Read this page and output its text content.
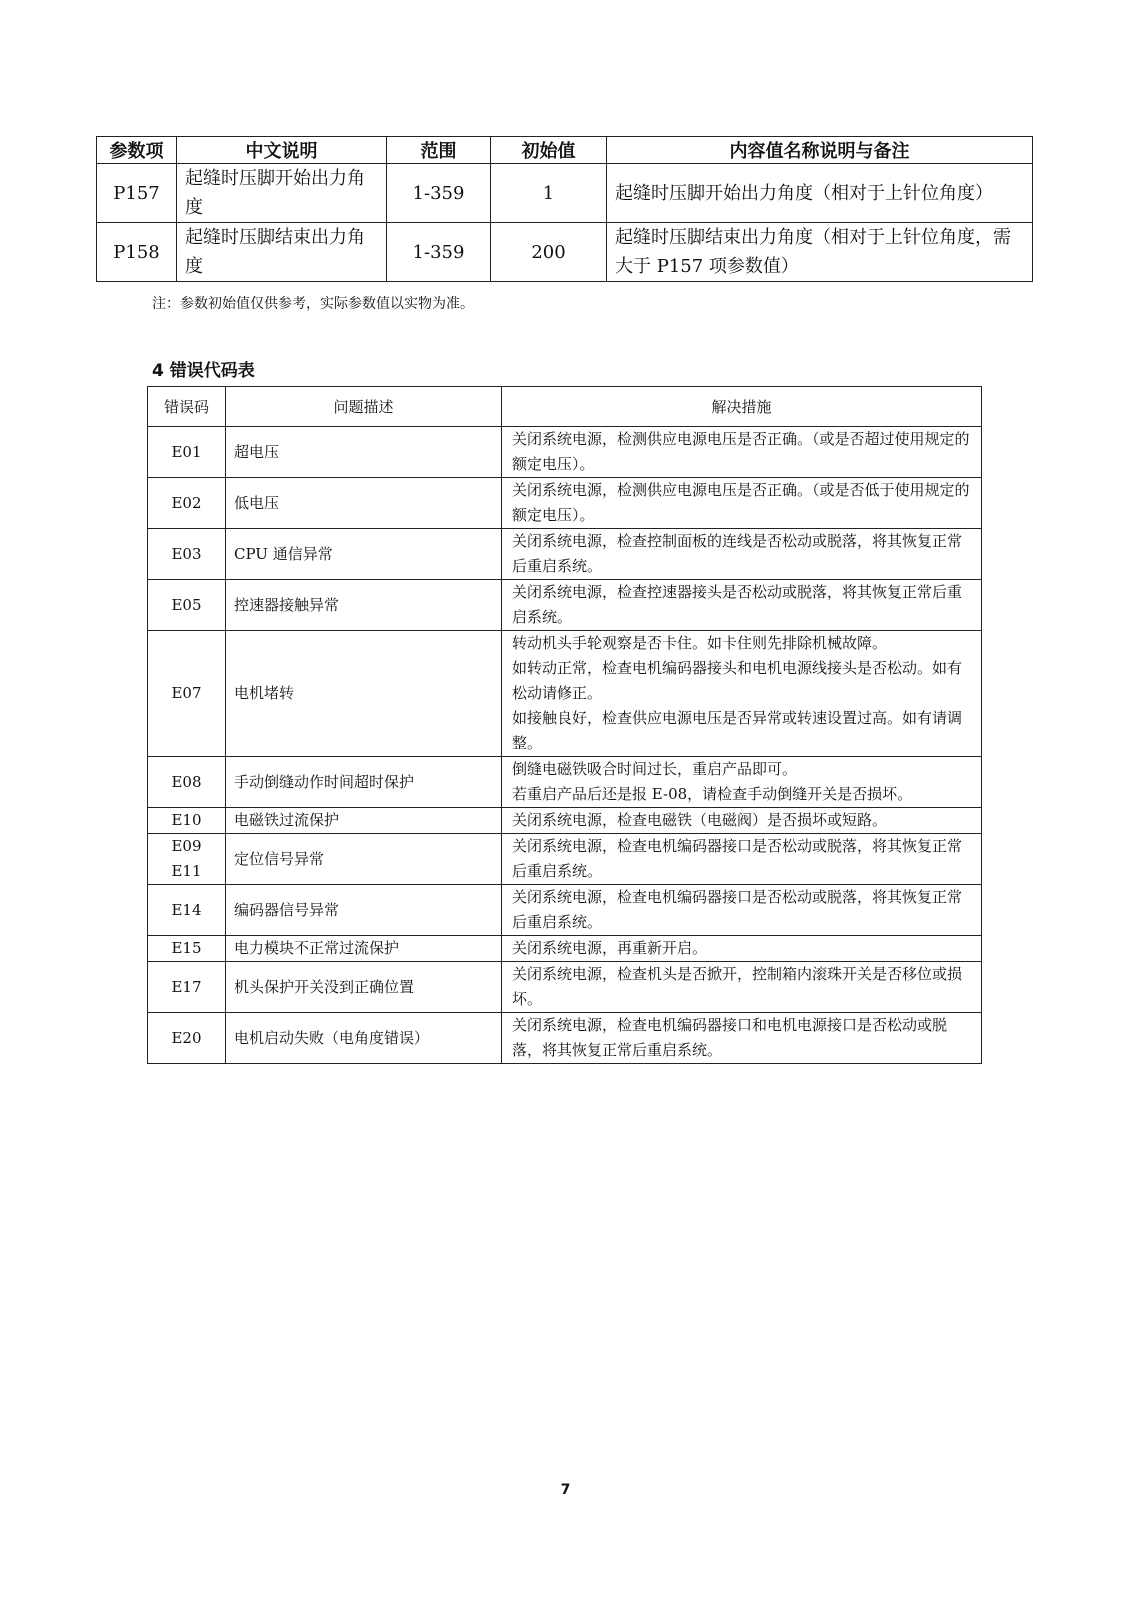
参数项	中文说明	范围	初始值	内容值名称说明与备注
P157	起缝时压脚开始出力角度	1-359	1	起缝时压脚开始出力角度（相对于上针位角度）
P158	起缝时压脚结束出力角度	1-359	200	起缝时压脚结束出力角度（相对于上针位角度，需大于 P157 项参数值）
注：参数初始值仅供参考，实际参数值以实物为准。
4 错误代码表
错误码	问题描述	解决措施

E01	超电压	关闭系统电源，检测供应电源电压是否正确。（或是否超过使用规定的额定电压）。

E02	低电压	关闭系统电源，检测供应电源电压是否正确。（或是否低于使用规定的额定电压）。

E03	CPU 通信异常	关闭系统电源，检查控制面板的连线是否松动或脱落，将其恢复正常后重启系统。

E05	控速器接触异常	关闭系统电源，检查控速器接头是否松动或脱落，将其恢复正常后重启系统。

E07	电机堵转	转动机头手轮观察是否卡住。如卡住则先排除机械故障。
如转动正常，检查电机编码器接头和电机电源线接头是否松动。如有松动请修正。
如接触良好，检查供应电源电压是否异常或转速设置过高。如有请调整。

E08	手动倒缝动作时间超时保护	倒缝电磁铁吸合时间过长，重启产品即可。
若重启产品后还是报 E-08，请检查手动倒缝开关是否损坏。

E10	电磁铁过流保护	关闭系统电源，检查电磁铁（电磁阀）是否损坏或短路。

E09
E11	定位信号异常	关闭系统电源，检查电机编码器接口是否松动或脱落，将其恢复正常后重启系统。

E14	编码器信号异常	关闭系统电源，检查电机编码器接口是否松动或脱落，将其恢复正常后重启系统。

E15	电力模块不正常过流保护	关闭系统电源，再重新开启。

E17	机头保护开关没到正确位置	关闭系统电源，检查机头是否掀开，控制箱内滚珠开关是否移位或损坏。

E20	电机启动失败（电角度错误）	关闭系统电源，检查电机编码器接口和电机电源接口是否松动或脱落，将其恢复正常后重启系统。
7
